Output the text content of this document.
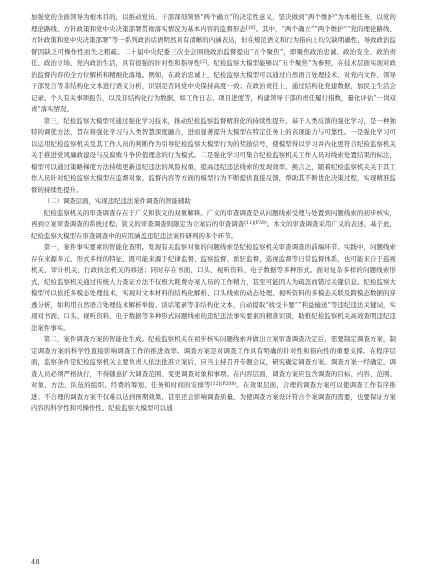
加强党的全面领导为根本目的，以推动党员、干部深刻领悟“两个确立”的决定性意义，坚决做到“两个维护”为本根任务，以党的理论路线、方针政策和党中央决策部署贯彻落实情况为基本内容的监督形态[10]。其中，“两个确立”“两个维护”“党的理论路线、方针政策和党中央决策部署”等一系列政治话语明然具有清晰的内涵表达，但在规范语义和行为指向上均欠缺明确性，导致政治监督因缺乏可操作性而失之粗疏。二十届中央纪委三次全会围绕政治监督提出“五个聚焦”，即聚焦政治忠诚、政治安全、政治责任、政治立场、党内政治生活，具有很强的针对性和指导性[2]。纪检监察大模型能够以“五个聚焦”为参照，在技术层面实现对政治监督内容的全方位解析和精细化落地。例如，在政治忠诚上，纪检监察大模型可以通过自然语言处理技术，对党内文件、领导干部发言等非结构化文本进行语义分析，识别是否同党中央保持高度一致；在政治责任上，通过结构化党建数据，加民主生活会记录、个人有关事项报告，以及非结构化行为数据，如工作日志、项目进度等，构建领导干部的责任履行指数，量化评估“一岗双责”落实情况。

第三，纪检监察大模型可通过强化学习技术，推动纪检监察监督精准化的持续性提升。基于人类反馈的强化学习，是一种独特的调优方法，旨在将强化学习与人类智慧深度融合，进而显著提升大模型在特定任务上的表现能力与可靠性。一是强化学习可以运用纪检监察机关及其工作人员的判断作为引导纪检监察大模型行为的奖励信号，使模型得以学习并内化更符合纪检监察机关关于推进党风廉政建设与反腐败斗争价值理念的行为模式。二是强化学习可集合纪检监察机关工作人员对线索处置结果的标注，模型可以通过策略梯度方法持续更新违纪违法的风险权重，提高违纪违法线索的发现效率。换言之，随着纪检监察机关关于其工作人员针对纪检监察大模型在监督对象、监督内容等方面的模型行为不断提供直接反馈，帮助其不断优化决策过程，实现精准监督的持续性提升。

（二）调查层面，实现违纪违法案件调查的智能辅助

纪检监察机关的审查调查存在于广义和狭义的双重解释。广义的审查调查是从问题线索受理与处置到问题线索的初步核实，再到立案审查调查的系统过程；狭义的审查调查则限定为立案后的审查调查$^{[11](P39)}$。本文的审查调查采用广义的表述。基于此，纪检监察大模型在审查调查中的应用涵盖违纪违法案件研判的多个环节。

第一，案件事实要素的智能化查明。发现有关监察对象的问题线索是纪检监察机关审查调查的前端环节。实践中，问题线索存在来源多元、形式多样的特征，既可能来源于纪律监督、监察监督、派驻监督、巡视监督等日常监督体系，也可能来自于巡视机关、审计机关、行政执法机关的移送；同时存在书面、口头、视听资料、电子数据等多种形式。面对复杂多样的问题线索形式，纪检监察机关通过传统人力查证方法不仅极大耗费办案人员的工作精力，甚至可能因人为疏忽而错过关键信息。纪检监察大模型可以依托多模态处理技术，实现对文本材料的结构化解析、口头线索的动态处理、视听资料的多模态关联及跨模态数据的穿透分析，如利用自然语言处理技术解析举报、谈话笔录等非结构化文本，自动提取“收受卡要”“利益输送”等违纪违法关键词，实现对书面、口头、视听资料、电子数据等多种形式问题线索的违纪违法事实要素的精准识别，助推纪检监察机关高效查明违纪违法案件事实。

第二，案件调查方案的智能化生成。纪检监察机关在初步核实问题线索并做出立案审查调查决定后，需要制定调查方案，制定调查方案的科学性直接影响调查工作的推进效率。调查方案是对调查工作具有明确的针对性和指向性的重要支撑。在程序层面，监察条件是纪检监察机关主要负责人依法批准立案后，应当主持召开专题会议，研究确定调查方案。调查方案一经确定，调查人员必须严格执行，不得随意扩大调查范围、变更调查对象和事项。在内容层面，调查方案应包含调查的目标、内容、范围、对象、方法、队伍的组织、经费的筹划、任务和时间的安排等$^{[12](P208)}$。在效果层面，合理的调查方案可以使调查工作有序推进；不合理的调查方案不仅难以达到预期效果，甚至还会影响调查质量。为使调查方案设计符合个案调查的需要，也要保证方案内容的科学性和可操作性。纪检监察大模型可以通

48
